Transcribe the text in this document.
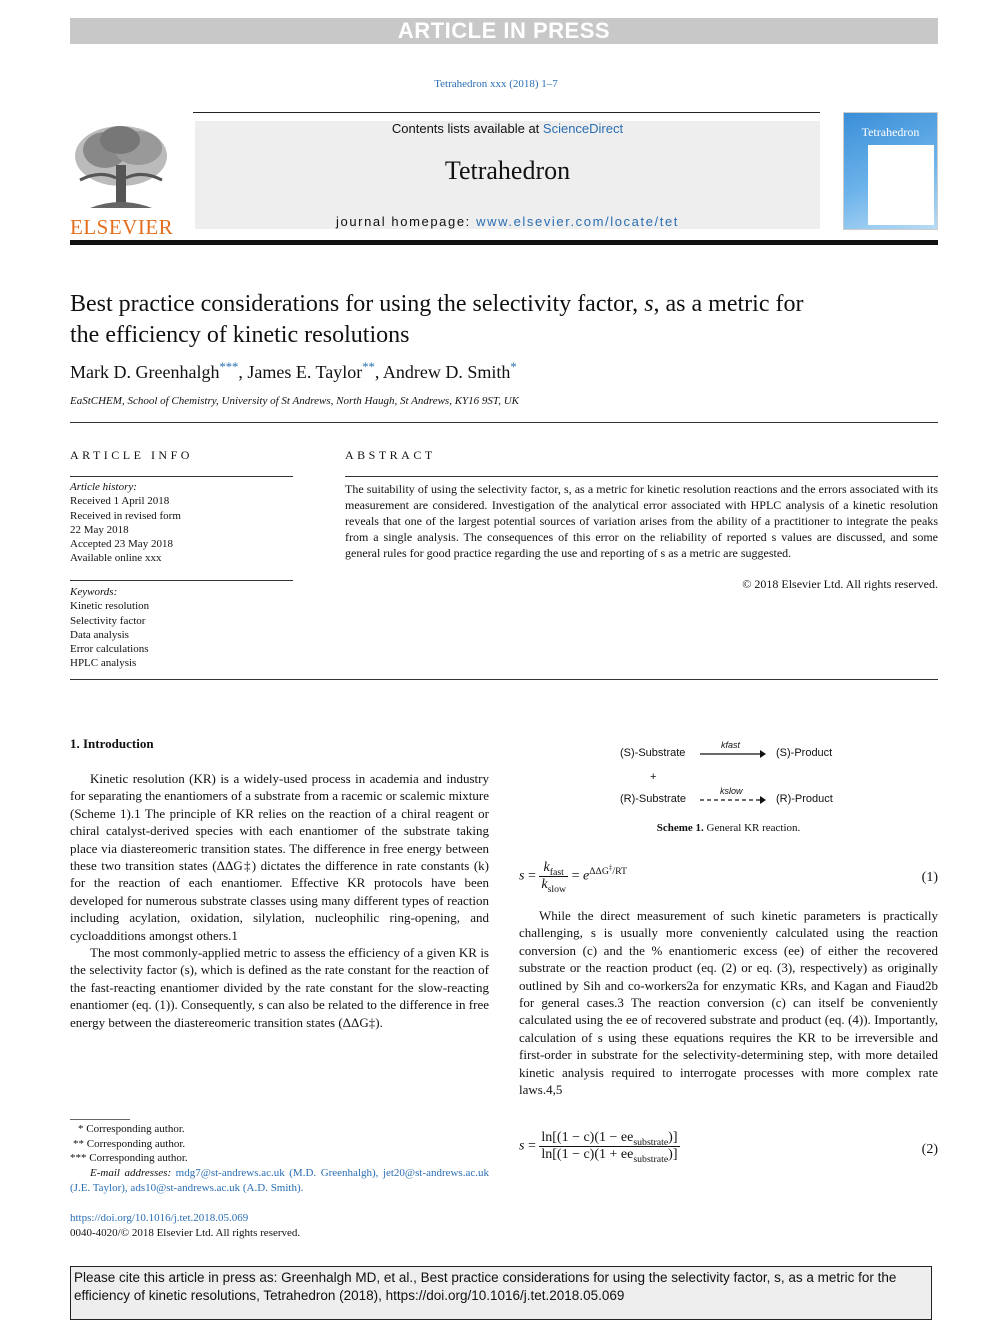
ARTICLE IN PRESS
Tetrahedron xxx (2018) 1–7
ELSEVIER
Contents lists available at ScienceDirect
Tetrahedron
journal homepage: www.elsevier.com/locate/tet
Tetrahedron
Best practice considerations for using the selectivity factor, s, as a metric for the efficiency of kinetic resolutions
Mark D. Greenhalgh***, James E. Taylor**, Andrew D. Smith*
EaStCHEM, School of Chemistry, University of St Andrews, North Haugh, St Andrews, KY16 9ST, UK
ARTICLE INFO
Article history:
Received 1 April 2018
Received in revised form
22 May 2018
Accepted 23 May 2018
Available online xxx
Keywords:
Kinetic resolution
Selectivity factor
Data analysis
Error calculations
HPLC analysis
ABSTRACT
The suitability of using the selectivity factor, s, as a metric for kinetic resolution reactions and the errors associated with its measurement are considered. Investigation of the analytical error associated with HPLC analysis of a kinetic resolution reveals that one of the largest potential sources of variation arises from the ability of a practitioner to integrate the peaks from a single analysis. The consequences of this error on the reliability of reported s values are discussed, and some general rules for good practice regarding the use and reporting of s as a metric are suggested.
© 2018 Elsevier Ltd. All rights reserved.
1. Introduction

Kinetic resolution (KR) is a widely-used process in academia and industry for separating the enantiomers of a substrate from a racemic or scalemic mixture (Scheme 1).1 The principle of KR relies on the reaction of a chiral reagent or chiral catalyst-derived species with each enantiomer of the substrate taking place via diastereomeric transition states. The difference in free energy between these two transition states (ΔΔG‡) dictates the difference in rate constants (k) for the reaction of each enantiomer. Effective KR protocols have been developed for numerous substrate classes using many different types of reaction including acylation, oxidation, silylation, nucleophilic ring-opening, and cycloadditions amongst others.1

The most commonly-applied metric to assess the efficiency of a given KR is the selectivity factor (s), which is defined as the rate constant for the reaction of the fast-reacting enantiomer divided by the rate constant for the slow-reacting enantiomer (eq. (1)). Consequently, s can also be related to the difference in free energy between the diastereomeric transition states (ΔΔG‡).

(S)-Substrate
kfast
(S)-Product
+
(R)-Substrate
kslow
(R)-Product
Scheme 1. General KR reaction.
$s = \frac{k_{fast}}{k_{slow}} = e^{\Delta\Delta G^\ddagger/RT}$	(1)

While the direct measurement of such kinetic parameters is practically challenging, s is usually more conveniently calculated using the reaction conversion (c) and the % enantiomeric excess (ee) of either the recovered substrate or the reaction product (eq. (2) or eq. (3), respectively) as originally outlined by Sih and co-workers2a for enzymatic KRs, and Kagan and Fiaud2b for general cases.3 The reaction conversion (c) can itself be conveniently calculated using the ee of recovered substrate and product (eq. (4)). Importantly, calculation of s using these equations requires the KR to be irreversible and first-order in substrate for the selectivity-determining step, with more detailed kinetic analysis required to interrogate processes with more complex rate laws.4,5

$s = \frac{\ln[(1 - c)(1 - ee_{substrate})]}{\ln[(1 - c)(1 + ee_{substrate})]}$	(2)
* Corresponding author.
** Corresponding author.
*** Corresponding author.
E-mail addresses: mdg7@st-andrews.ac.uk (M.D. Greenhalgh), jet20@st-andrews.ac.uk (J.E. Taylor), ads10@st-andrews.ac.uk (A.D. Smith).
https://doi.org/10.1016/j.tet.2018.05.069
0040-4020/© 2018 Elsevier Ltd. All rights reserved.
Please cite this article in press as: Greenhalgh MD, et al., Best practice considerations for using the selectivity factor, s, as a metric for the efficiency of kinetic resolutions, Tetrahedron (2018), https://doi.org/10.1016/j.tet.2018.05.069
